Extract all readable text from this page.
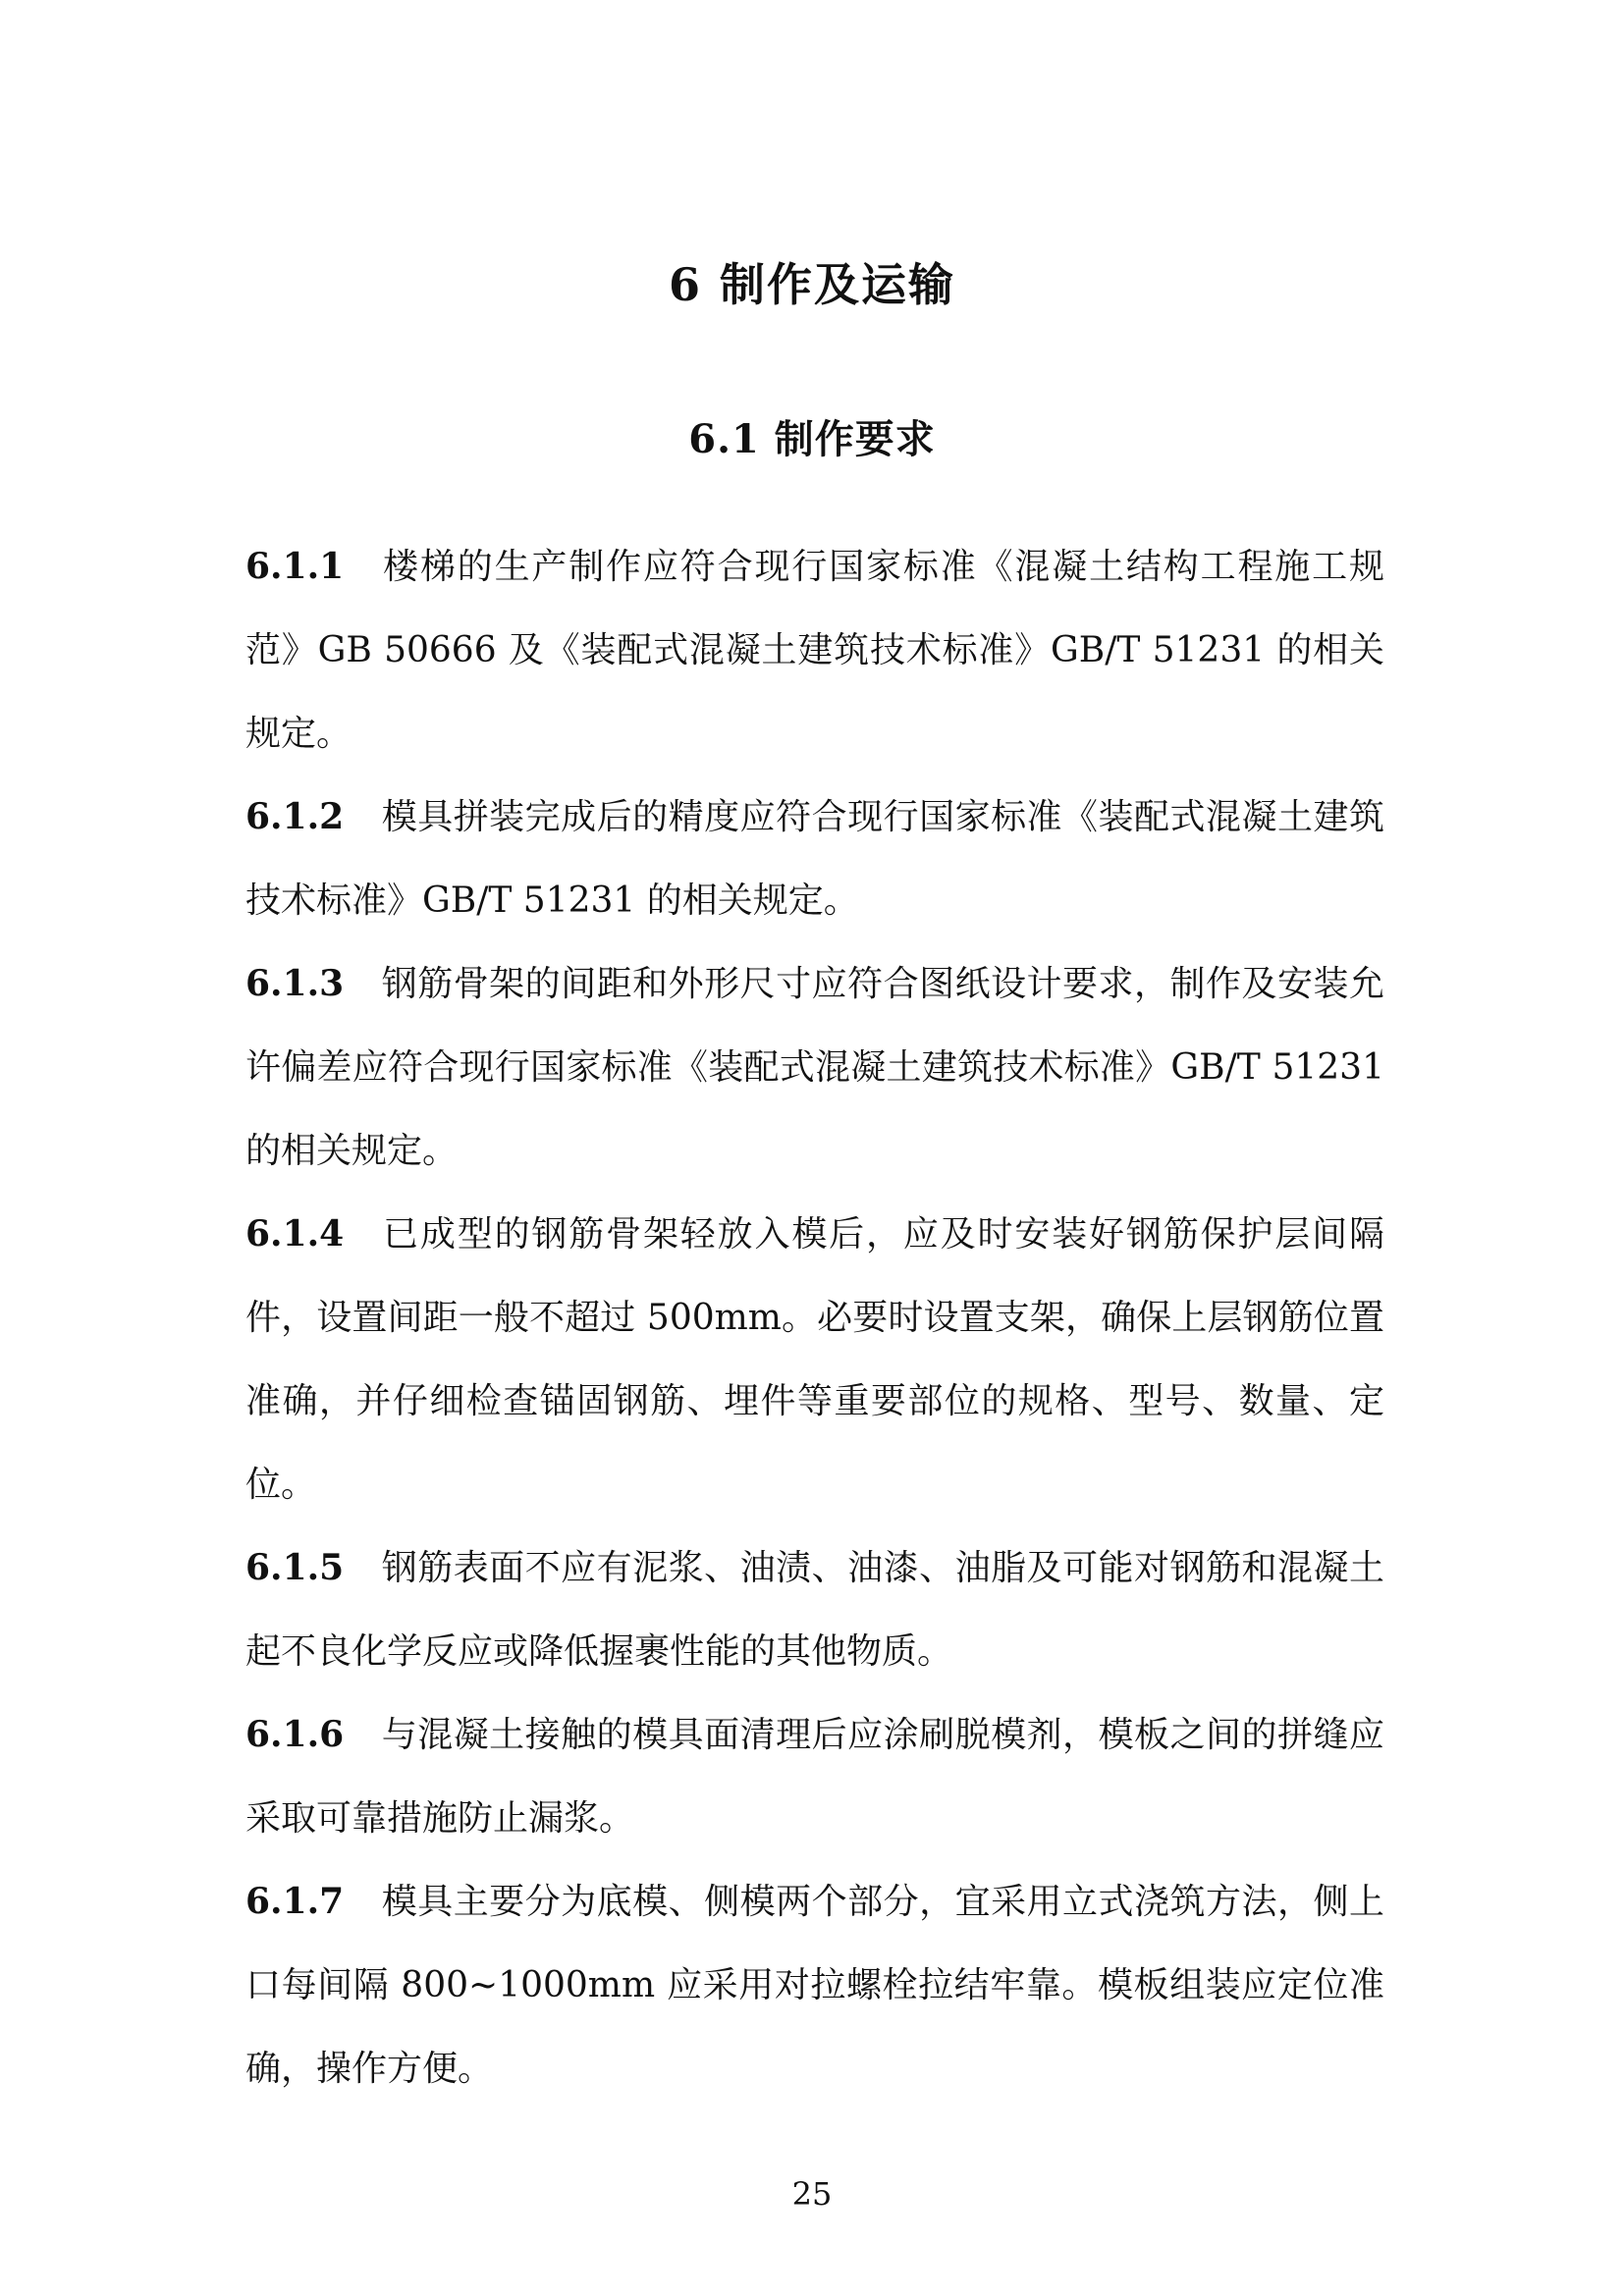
6 制作及运输
6.1 制作要求

6.1.1 楼梯的生产制作应符合现行国家标准《混凝土结构工程施工规范》GB 50666 及《装配式混凝土建筑技术标准》GB/T 51231 的相关规定。

6.1.2 模具拼装完成后的精度应符合现行国家标准《装配式混凝土建筑技术标准》GB/T 51231 的相关规定。

6.1.3 钢筋骨架的间距和外形尺寸应符合图纸设计要求，制作及安装允许偏差应符合现行国家标准《装配式混凝土建筑技术标准》GB/T 51231 的相关规定。

6.1.4 已成型的钢筋骨架轻放入模后，应及时安装好钢筋保护层间隔件，设置间距一般不超过 500mm。必要时设置支架，确保上层钢筋位置准确，并仔细检查锚固钢筋、埋件等重要部位的规格、型号、数量、定位。

6.1.5 钢筋表面不应有泥浆、油渍、油漆、油脂及可能对钢筋和混凝土起不良化学反应或降低握裹性能的其他物质。

6.1.6 与混凝土接触的模具面清理后应涂刷脱模剂，模板之间的拼缝应采取可靠措施防止漏浆。

6.1.7 模具主要分为底模、侧模两个部分，宜采用立式浇筑方法，侧上口每间隔 800~1000mm 应采用对拉螺栓拉结牢靠。模板组装应定位准确，操作方便。

25
